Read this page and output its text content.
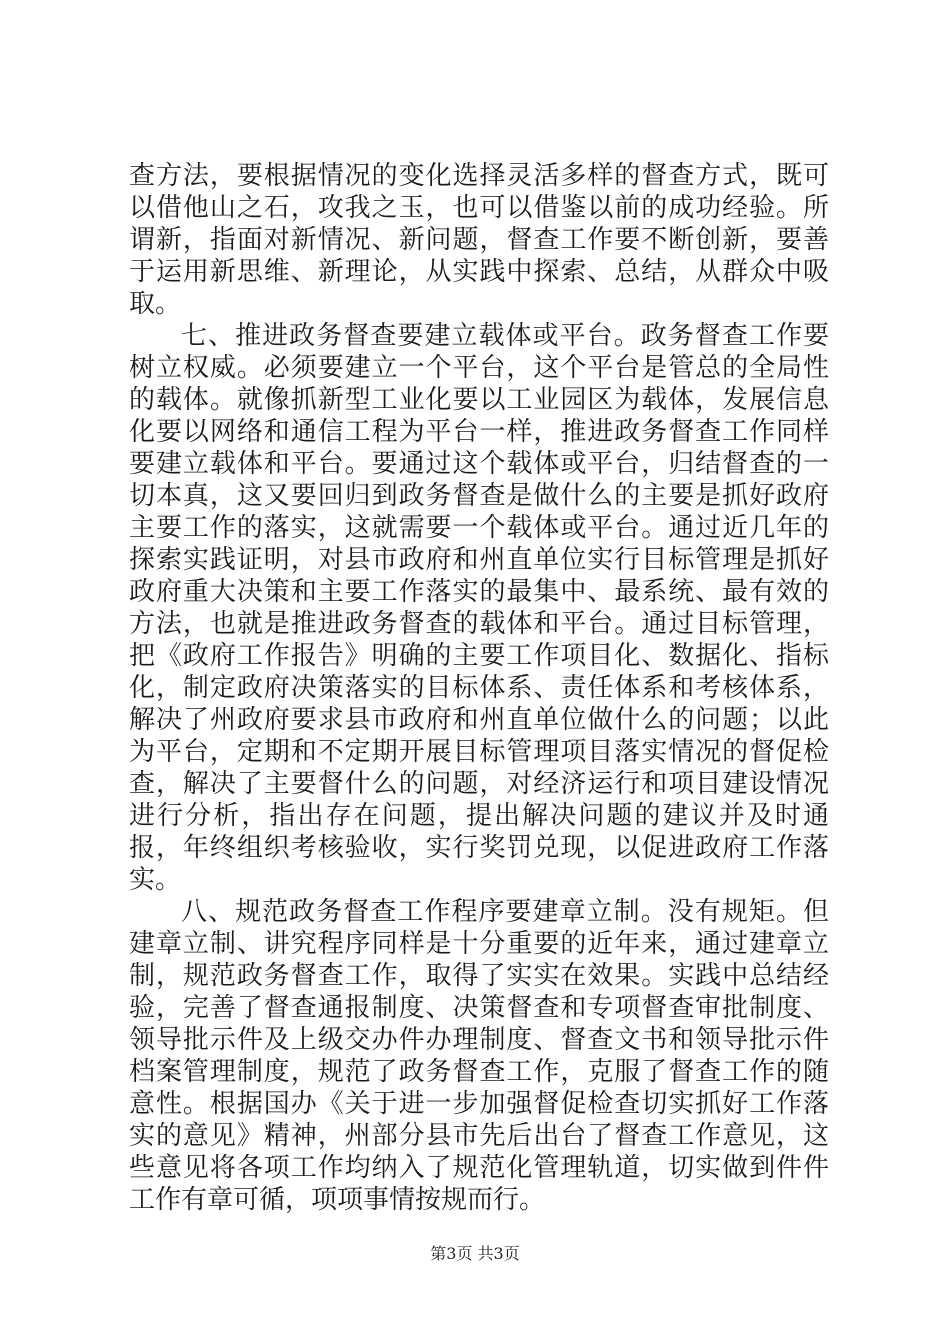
查方法，要根据情况的变化选择灵活多样的督查方式，既可以借他山之石，攻我之玉，也可以借鉴以前的成功经验。所谓新，指面对新情况、新问题，督查工作要不断创新，要善于运用新思维、新理论，从实践中探索、总结，从群众中吸取。

七、推进政务督查要建立载体或平台。政务督查工作要树立权威。必须要建立一个平台，这个平台是管总的全局性的载体。就像抓新型工业化要以工业园区为载体，发展信息化要以网络和通信工程为平台一样，推进政务督查工作同样要建立载体和平台。要通过这个载体或平台，归结督查的一切本真，这又要回归到政务督查是做什么的主要是抓好政府主要工作的落实，这就需要一个载体或平台。通过近几年的探索实践证明，对县市政府和州直单位实行目标管理是抓好政府重大决策和主要工作落实的最集中、最系统、最有效的方法，也就是推进政务督查的载体和平台。通过目标管理，把《政府工作报告》明确的主要工作项目化、数据化、指标化，制定政府决策落实的目标体系、责任体系和考核体系，解决了州政府要求县市政府和州直单位做什么的问题；以此为平台，定期和不定期开展目标管理项目落实情况的督促检查，解决了主要督什么的问题，对经济运行和项目建设情况进行分析，指出存在问题，提出解决问题的建议并及时通报，年终组织考核验收，实行奖罚兑现，以促进政府工作落实。

八、规范政务督查工作程序要建章立制。没有规矩。但建章立制、讲究程序同样是十分重要的近年来，通过建章立制，规范政务督查工作，取得了实实在效果。实践中总结经验，完善了督查通报制度、决策督查和专项督查审批制度、领导批示件及上级交办件办理制度、督查文书和领导批示件档案管理制度，规范了政务督查工作，克服了督查工作的随意性。根据国办《关于进一步加强督促检查切实抓好工作落实的意见》精神，州部分县市先后出台了督查工作意见，这些意见将各项工作均纳入了规范化管理轨道，切实做到件件工作有章可循，项项事情按规而行。

第3页 共3页
